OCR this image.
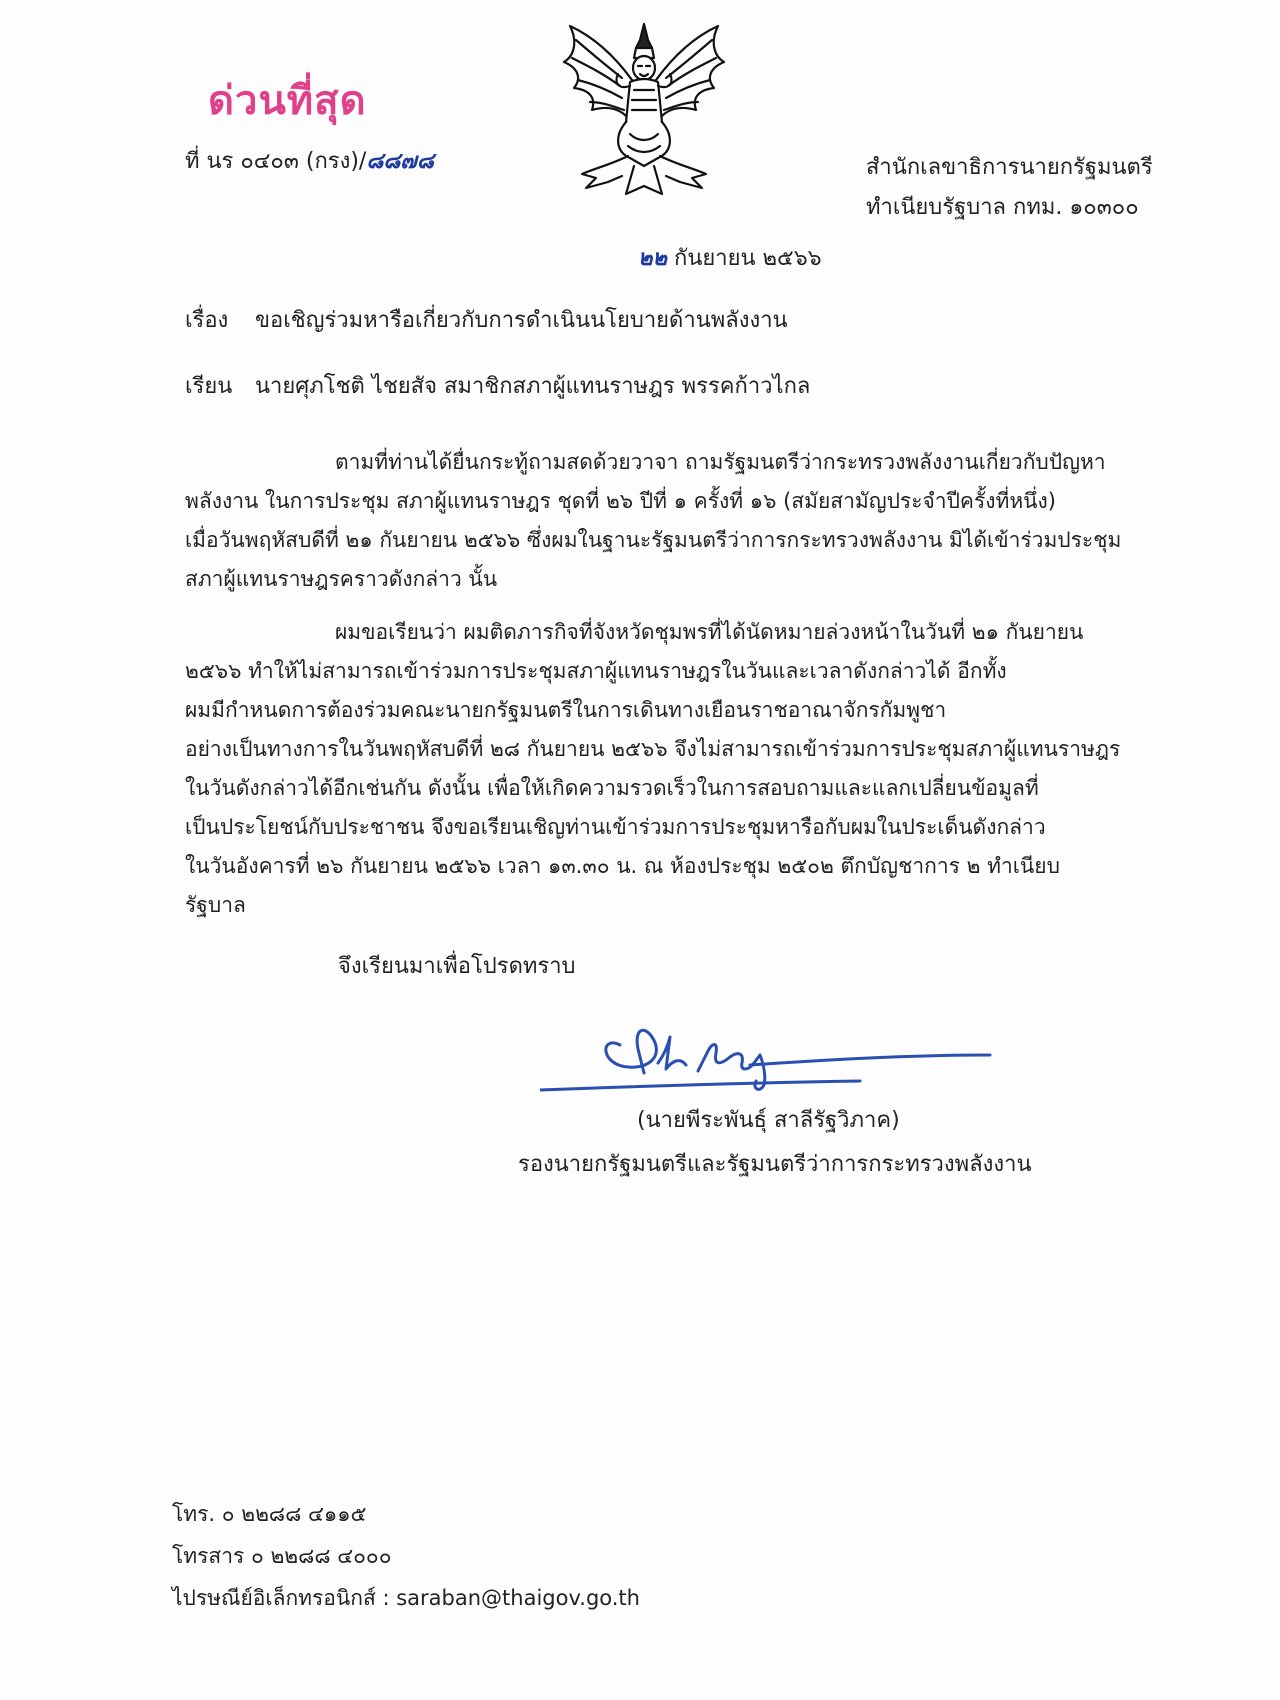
ด่วนที่สุด
ที่ นร ๐๔๐๓ (กรง)/๘๘๗๘	สำนักเลขาธิการนายกรัฐมนตรี
ทำเนียบรัฐบาล กทม. ๑๐๓๐๐
๒๒ กันยายน ๒๕๖๖
เรื่อง ขอเชิญร่วมหารือเกี่ยวกับการดำเนินนโยบายด้านพลังงาน
เรียน นายศุภโชติ ไชยสัจ สมาชิกสภาผู้แทนราษฎร พรรคก้าวไกล
ตามที่ท่านได้ยื่นกระทู้ถามสดด้วยวาจา ถามรัฐมนตรีว่ากระทรวงพลังงานเกี่ยวกับปัญหา
พลังงาน ในการประชุม สภาผู้แทนราษฎร ชุดที่ ๒๖ ปีที่ ๑ ครั้งที่ ๑๖ (สมัยสามัญประจำปีครั้งที่หนึ่ง)
เมื่อวันพฤหัสบดีที่ ๒๑ กันยายน ๒๕๖๖ ซึ่งผมในฐานะรัฐมนตรีว่าการกระทรวงพลังงาน มิได้เข้าร่วมประชุม
สภาผู้แทนราษฎรคราวดังกล่าว นั้น
ผมขอเรียนว่า ผมติดภารกิจที่จังหวัดชุมพรที่ได้นัดหมายล่วงหน้าในวันที่ ๒๑ กันยายน
๒๕๖๖ ทำให้ไม่สามารถเข้าร่วมการประชุมสภาผู้แทนราษฎรในวันและเวลาดังกล่าวได้ อีกทั้ง
ผมมีกำหนดการต้องร่วมคณะนายกรัฐมนตรีในการเดินทางเยือนราชอาณาจักรกัมพูชา
อย่างเป็นทางการในวันพฤหัสบดีที่ ๒๘ กันยายน ๒๕๖๖ จึงไม่สามารถเข้าร่วมการประชุมสภาผู้แทนราษฎร
ในวันดังกล่าวได้อีกเช่นกัน ดังนั้น เพื่อให้เกิดความรวดเร็วในการสอบถามและแลกเปลี่ยนข้อมูลที่
เป็นประโยชน์กับประชาชน จึงขอเรียนเชิญท่านเข้าร่วมการประชุมหารือกับผมในประเด็นดังกล่าว
ในวันอังคารที่ ๒๖ กันยายน ๒๕๖๖ เวลา ๑๓.๓๐ น. ณ ห้องประชุม ๒๕๐๒ ตึกบัญชาการ ๒ ทำเนียบ
รัฐบาล
จึงเรียนมาเพื่อโปรดทราบ
(นายพีระพันธุ์ สาลีรัฐวิภาค)
รองนายกรัฐมนตรีและรัฐมนตรีว่าการกระทรวงพลังงาน
โทร. ๐ ๒๒๘๘ ๔๑๑๕
โทรสาร ๐ ๒๒๘๘ ๔๐๐๐
ไปรษณีย์อิเล็กทรอนิกส์ : saraban@thaigov.go.th
